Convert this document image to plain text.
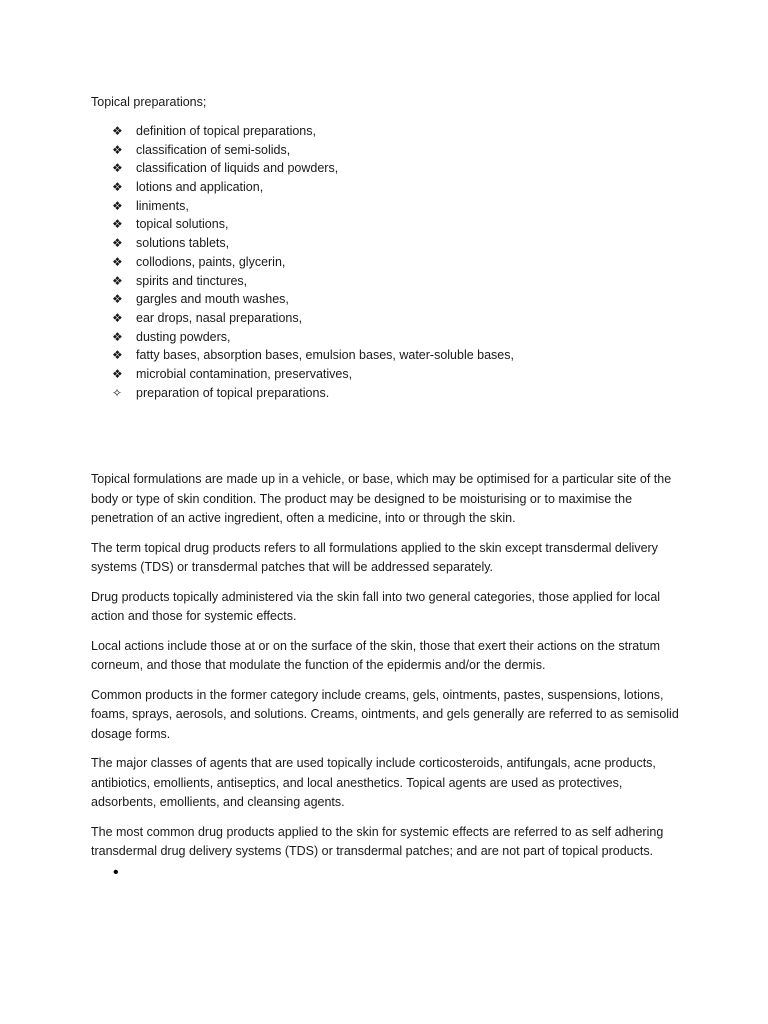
Topical preparations;

❖ definition of topical preparations,
❖ classification of semi-solids,
❖ classification of liquids and powders,
❖ lotions and application,
❖ liniments,
❖ topical solutions,
❖ solutions tablets,
❖ collodions, paints, glycerin,
❖ spirits and tinctures,
❖ gargles and mouth washes,
❖ ear drops, nasal preparations,
❖ dusting powders,
❖ fatty bases, absorption bases, emulsion bases, water-soluble bases,
❖ microbial contamination, preservatives,
✧ preparation of topical preparations.

Topical formulations are made up in a vehicle, or base, which may be optimised for a particular site of the body or type of skin condition. The product may be designed to be moisturising or to maximise the penetration of an active ingredient, often a medicine, into or through the skin.

The term topical drug products refers to all formulations applied to the skin except transdermal delivery systems (TDS) or transdermal patches that will be addressed separately.

Drug products topically administered via the skin fall into two general categories, those applied for local action and those for systemic effects.

Local actions include those at or on the surface of the skin, those that exert their actions on the stratum corneum, and those that modulate the function of the epidermis and/or the dermis.

Common products in the former category include creams, gels, ointments, pastes, suspensions, lotions, foams, sprays, aerosols, and solutions. Creams, ointments, and gels generally are referred to as semisolid dosage forms.

The major classes of agents that are used topically include corticosteroids, antifungals, acne products, antibiotics, emollients, antiseptics, and local anesthetics. Topical agents are used as protectives, adsorbents, emollients, and cleansing agents.

The most common drug products applied to the skin for systemic effects are referred to as self adhering transdermal drug delivery systems (TDS) or transdermal patches; and are not part of topical products.

•
